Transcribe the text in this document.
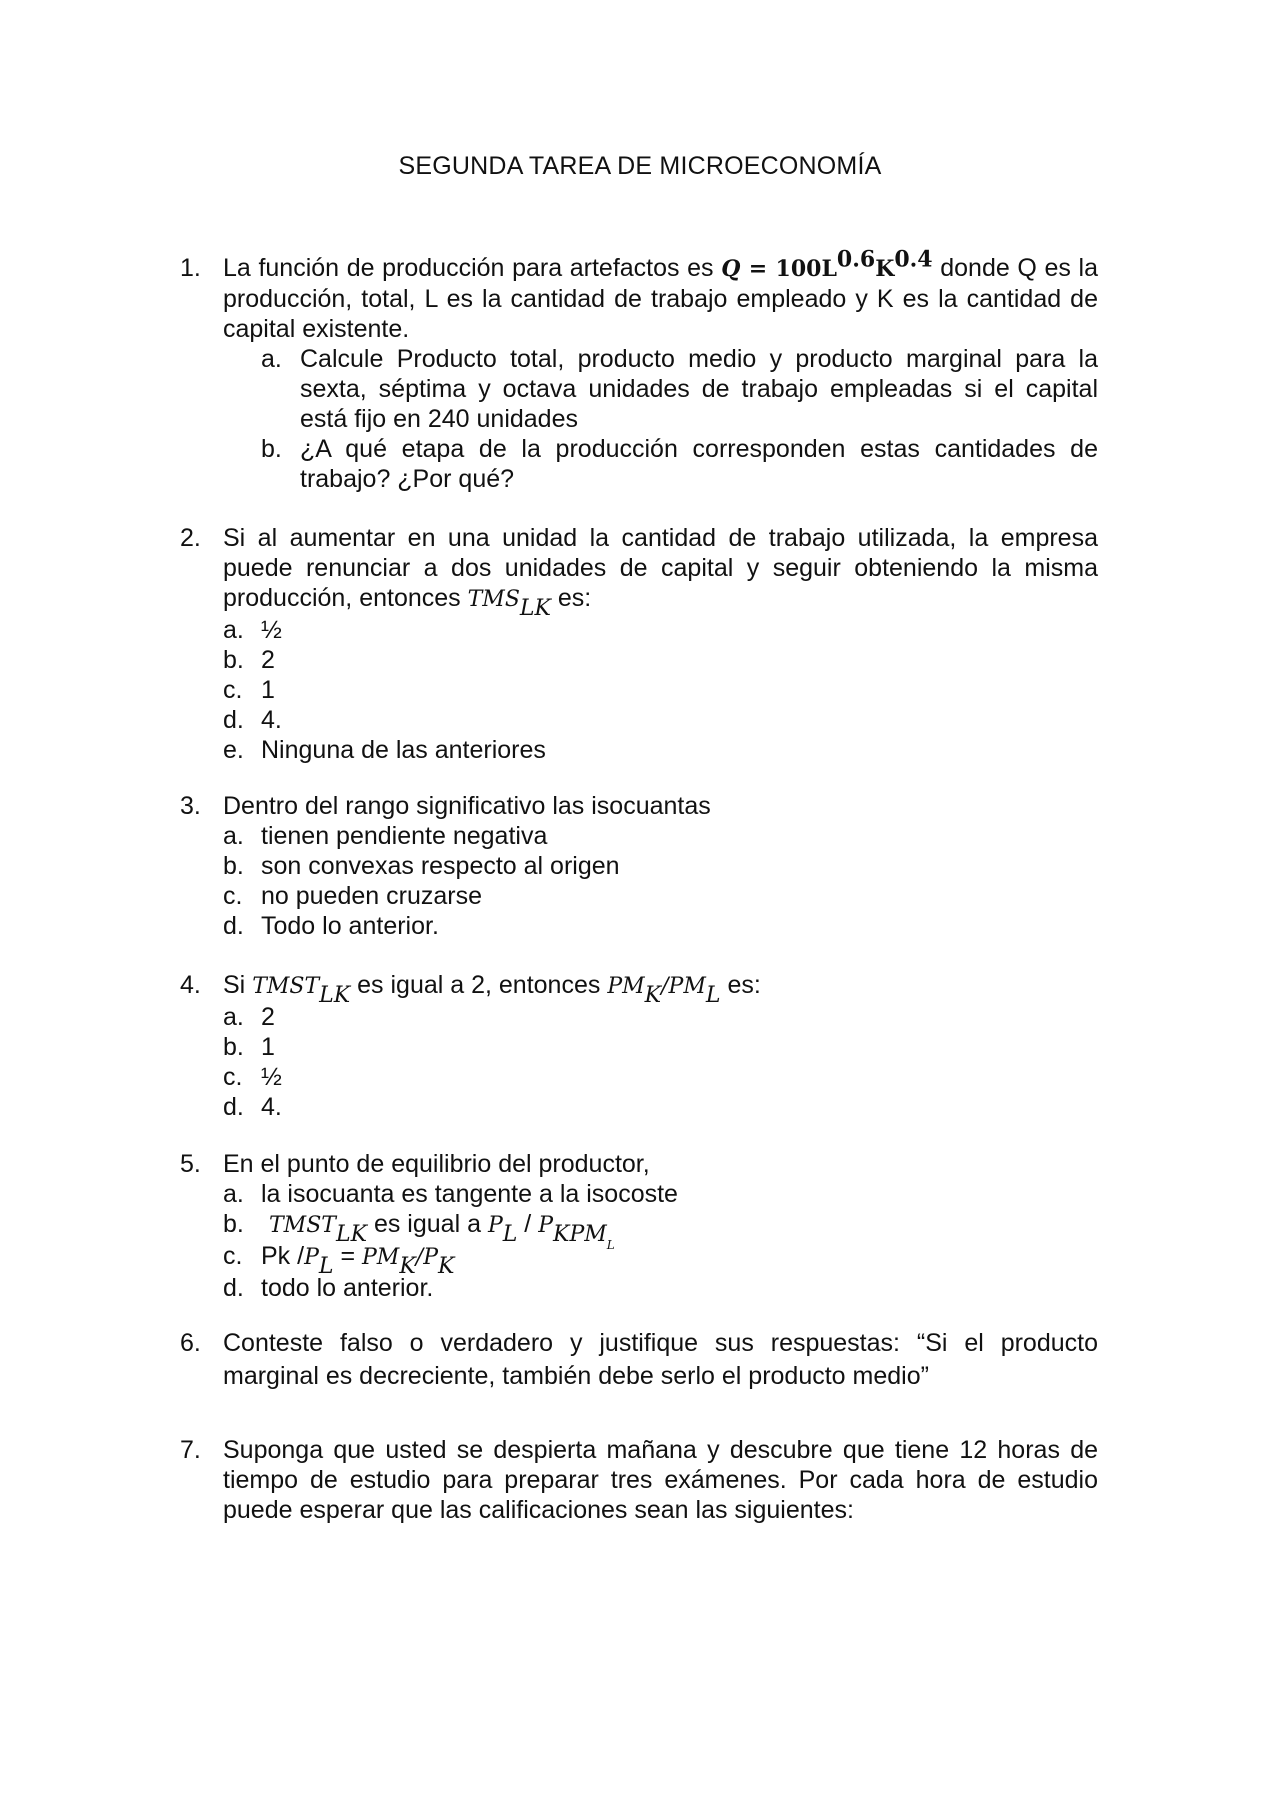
SEGUNDA TAREA DE MICROECONOMÍA
1. La función de producción para artefactos es $Q = 100L^{0.6}K^{0.4}$ donde Q es la producción, total, L es la cantidad de trabajo empleado y K es la cantidad de capital existente.

a. Calcule Producto total, producto medio y producto marginal para la sexta, séptima y octava unidades de trabajo empleadas si el capital está fijo en 240 unidades
b. ¿A qué etapa de la producción corresponden estas cantidades de trabajo? ¿Por qué?
2. Si al aumentar en una unidad la cantidad de trabajo utilizada, la empresa puede renunciar a dos unidades de capital y seguir obteniendo la misma producción, entonces $TMS_{LK}$ es:

a. ½
b. 2
c. 1
d. 4.
e. Ninguna de las anteriores
3. Dentro del rango significativo las isocuantas

a. tienen pendiente negativa
b. son convexas respecto al origen
c. no pueden cruzarse
d. Todo lo anterior.
4. Si $TMST_{LK}$ es igual a 2, entonces $PM_K/PM_L$ es:

a. 2
b. 1
c. ½
d. 4.
5. En el punto de equilibrio del productor,

a. la isocuanta es tangente a la isocoste
b. $TMST_{LK}$ es igual a $P_L / P_{KPM_L}$
c. Pk $/P_L = PM_K/P_K$
d. todo lo anterior.
6. Conteste falso o verdadero y justifique sus respuestas: “Si el producto marginal es decreciente, también debe serlo el producto medio”

7. Suponga que usted se despierta mañana y descubre que tiene 12 horas de tiempo de estudio para preparar tres exámenes. Por cada hora de estudio puede esperar que las calificaciones sean las siguientes:
